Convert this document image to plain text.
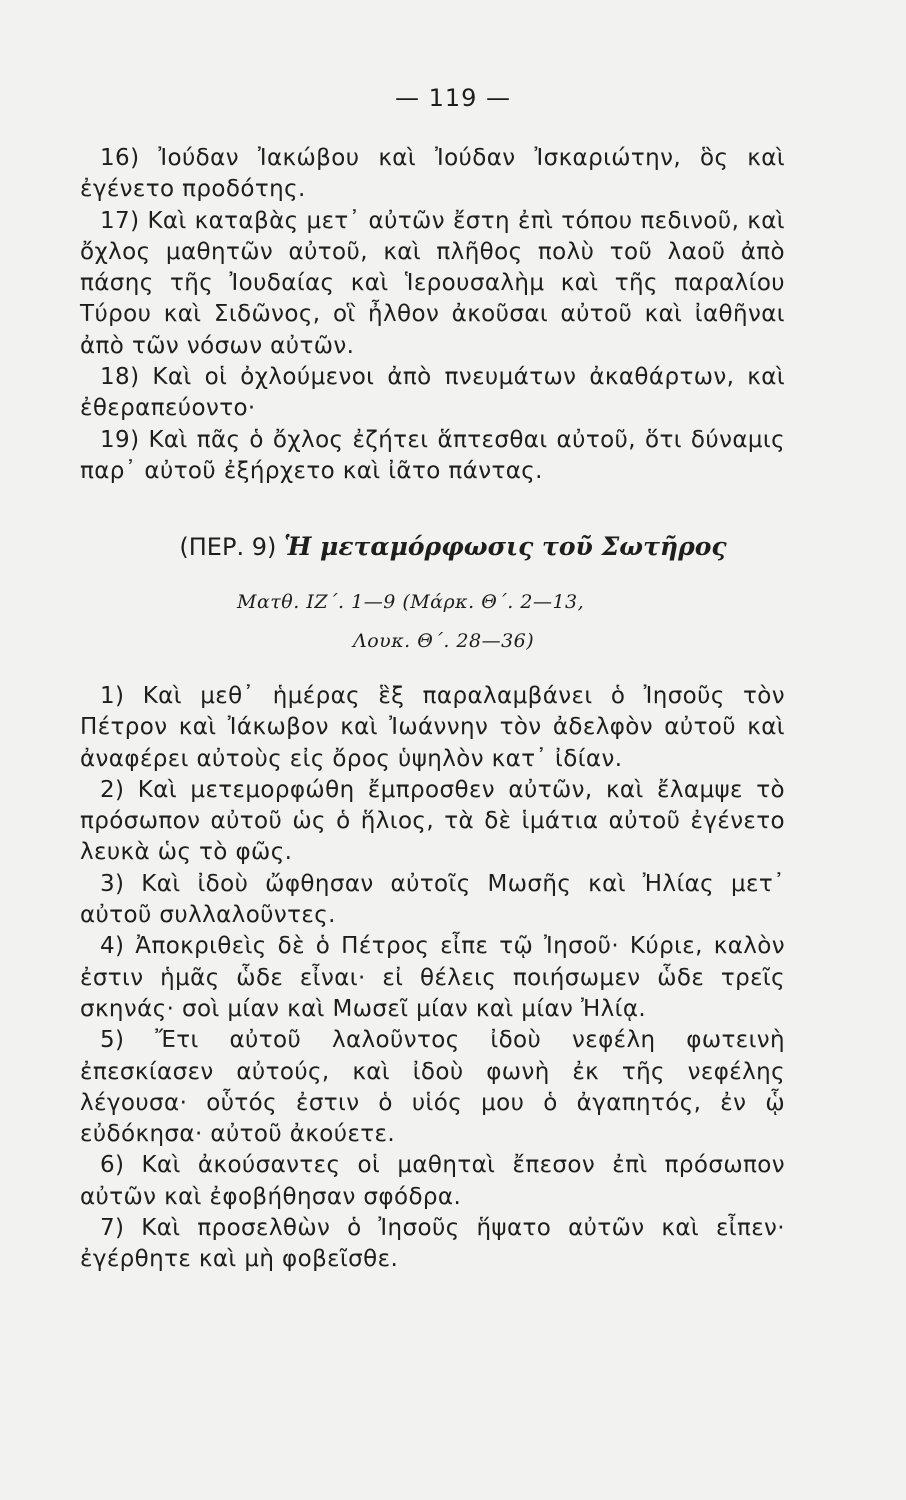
— 119 —

16) Ἰούδαν Ἰακώβου καὶ Ἰούδαν Ἰσκαριώτην, ὃς καὶ ἐγένετο προδότης.

17) Καὶ καταβὰς μετ᾽ αὐτῶν ἔστη ἐπὶ τόπου πεδινοῦ, καὶ ὄχλος μαθητῶν αὐτοῦ, καὶ πλῆθος πολὺ τοῦ λαοῦ ἀπὸ πάσης τῆς Ἰουδαίας καὶ Ἱερουσαλὴμ καὶ τῆς παραλίου Τύρου καὶ Σιδῶνος, οἳ ἦλθον ἀκοῦσαι αὐτοῦ καὶ ἰαθῆναι ἀπὸ τῶν νόσων αὐτῶν.

18) Καὶ οἱ ὀχλούμενοι ἀπὸ πνευμάτων ἀκαθάρτων, καὶ ἐθεραπεύοντο·

19) Καὶ πᾶς ὁ ὄχλος ἐζήτει ἅπτεσθαι αὐτοῦ, ὅτι δύναμις παρ᾽ αὐτοῦ ἐξήρχετο καὶ ἰᾶτο πάντας.

(ΠΕΡ. 9) Ἡ μεταμόρφωσις τοῦ Σωτῆρος
Ματθ. ΙΖ΄. 1—9 (Μάρκ. Θ΄. 2—13,
Λουκ. Θ΄. 28—36)

1) Καὶ μεθ᾽ ἡμέρας ἓξ παραλαμβάνει ὁ Ἰησοῦς τὸν Πέτρον καὶ Ἰάκωβον καὶ Ἰωάννην τὸν ἀδελφὸν αὐτοῦ καὶ ἀναφέρει αὐτοὺς εἰς ὄρος ὑψηλὸν κατ᾽ ἰδίαν.

2) Καὶ μετεμορφώθη ἔμπροσθεν αὐτῶν, καὶ ἔλαμψε τὸ πρόσωπον αὐτοῦ ὡς ὁ ἥλιος, τὰ δὲ ἱμάτια αὐτοῦ ἐγένετο λευκὰ ὡς τὸ φῶς.

3) Καὶ ἰδοὺ ὤφθησαν αὐτοῖς Μωσῆς καὶ Ἠλίας μετ᾽ αὐτοῦ συλλαλοῦντες.

4) Ἀποκριθεὶς δὲ ὁ Πέτρος εἶπε τῷ Ἰησοῦ· Κύριε, καλὸν ἐστιν ἡμᾶς ὧδε εἶναι· εἰ θέλεις ποιήσωμεν ὧδε τρεῖς σκηνάς· σοὶ μίαν καὶ Μωσεῖ μίαν καὶ μίαν Ἠλίᾳ.

5) Ἔτι αὐτοῦ λαλοῦντος ἰδοὺ νεφέλη φωτεινὴ ἐπεσκίασεν αὐτούς, καὶ ἰδοὺ φωνὴ ἐκ τῆς νεφέλης λέγουσα· οὗτός ἐστιν ὁ υἱός μου ὁ ἀγαπητός, ἐν ᾧ εὐδόκησα· αὐτοῦ ἀκούετε.

6) Καὶ ἀκούσαντες οἱ μαθηταὶ ἔπεσον ἐπὶ πρόσωπον αὐτῶν καὶ ἐφοβήθησαν σφόδρα.

7) Καὶ προσελθὼν ὁ Ἰησοῦς ἥψατο αὐτῶν καὶ εἶπεν· ἐγέρθητε καὶ μὴ φοβεῖσθε.
